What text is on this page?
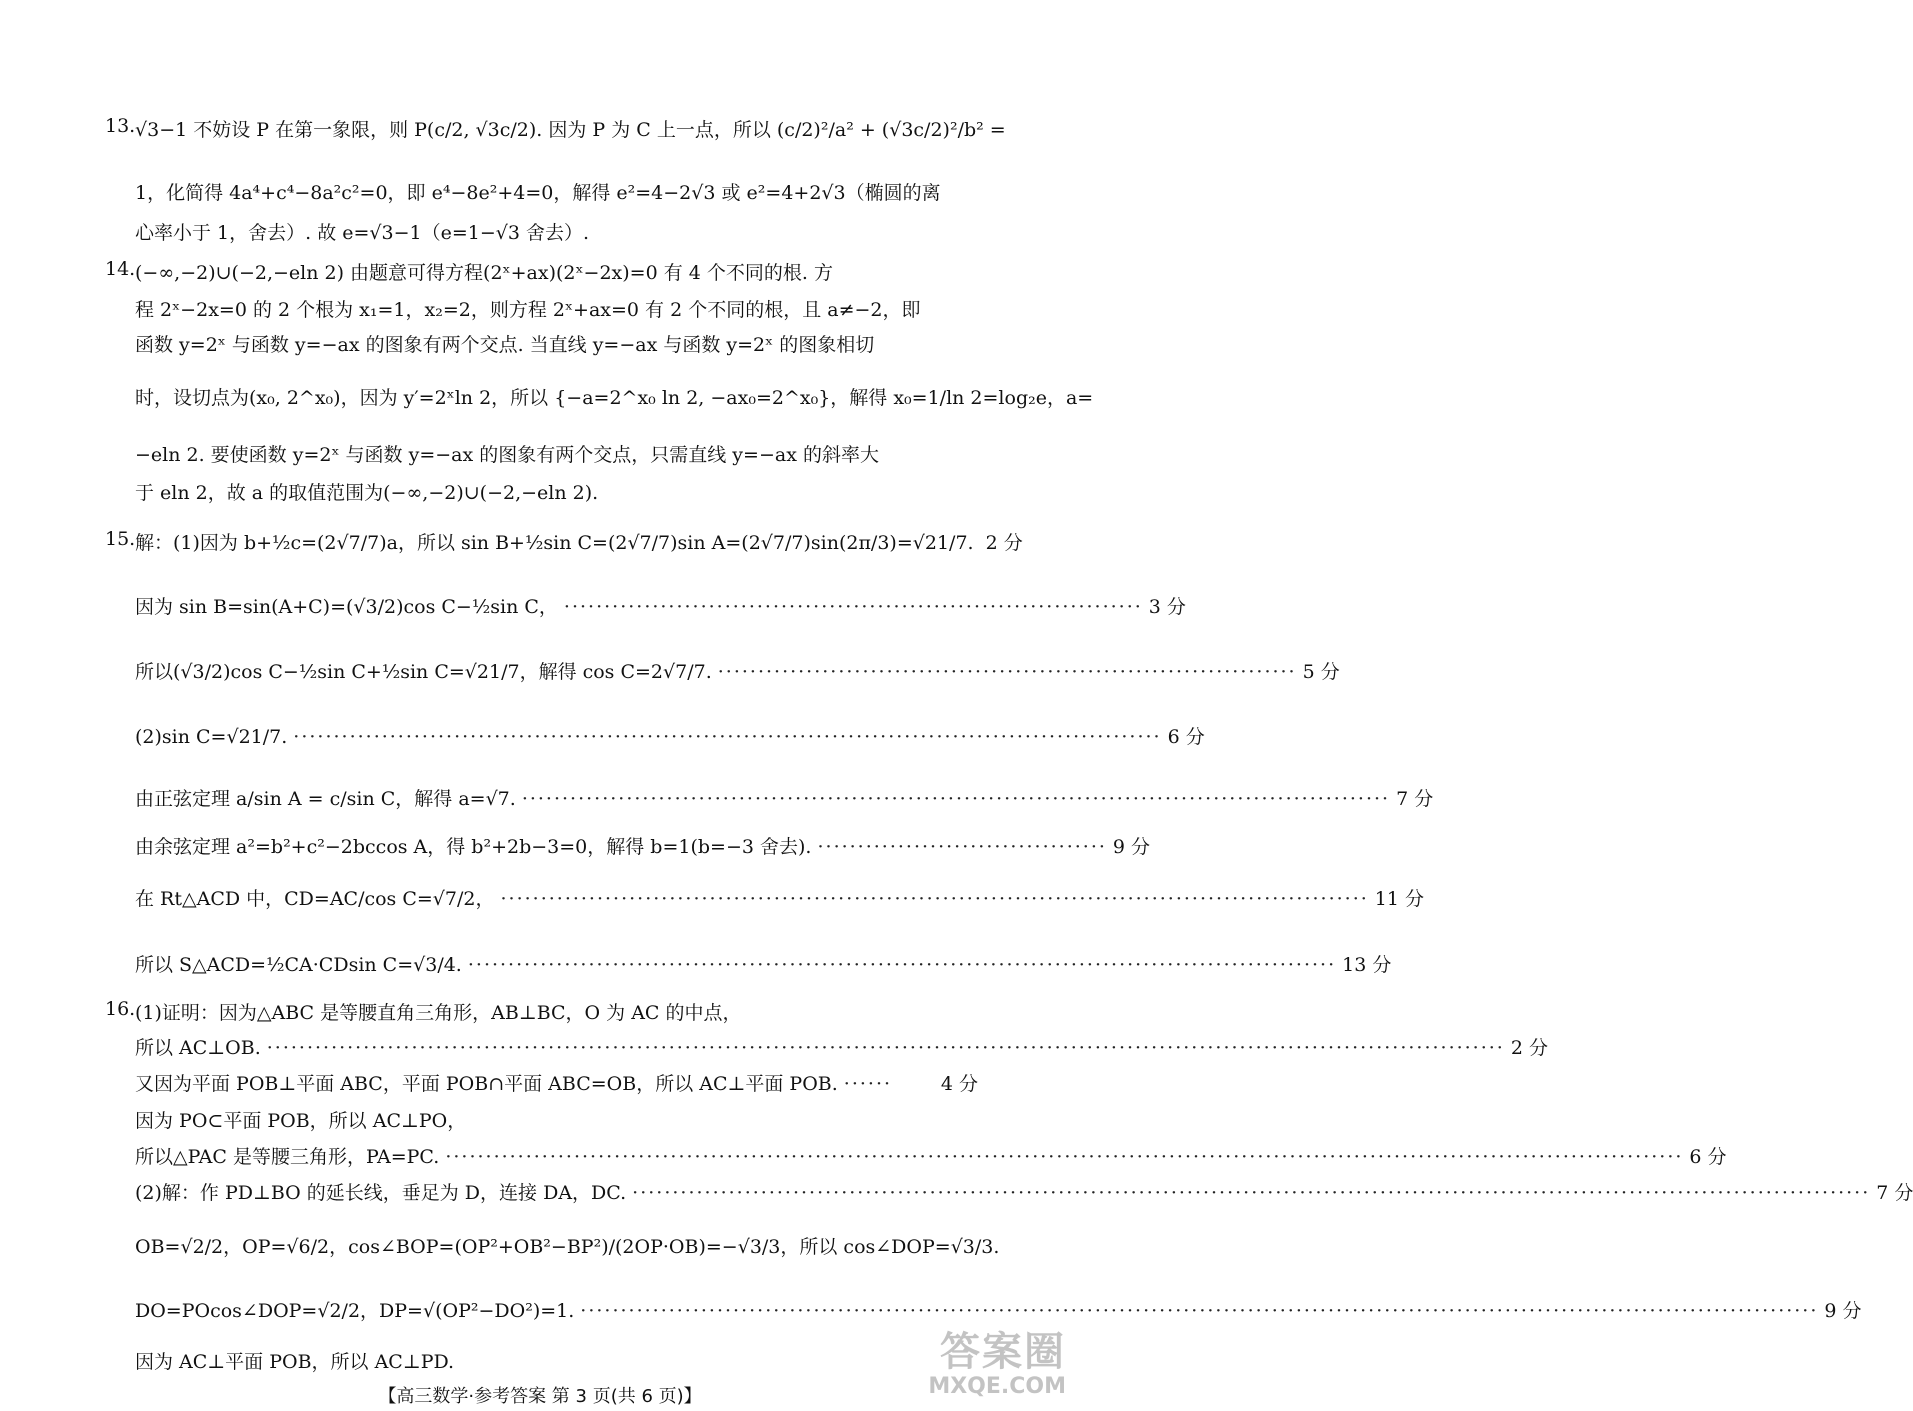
13. √3−1 不妨设 P 在第一象限，则 P(c/2, √3c/2). 因为 P 为 C 上一点，所以 (c/2)²/a² + (√3c/2)²/b² =
1，化简得 4a⁴+c⁴−8a²c²=0，即 e⁴−8e²+4=0，解得 e²=4−2√3 或 e²=4+2√3（椭圆的离
心率小于 1，舍去）. 故 e=√3−1（e=1−√3 舍去）.
14. (−∞,−2)∪(−2,−eln 2) 由题意可得方程(2ˣ+ax)(2ˣ−2x)=0 有 4 个不同的根. 方
程 2ˣ−2x=0 的 2 个根为 x₁=1，x₂=2，则方程 2ˣ+ax=0 有 2 个不同的根，且 a≠−2，即
函数 y=2ˣ 与函数 y=−ax 的图象有两个交点. 当直线 y=−ax 与函数 y=2ˣ 的图象相切
时，设切点为(x₀, 2^x₀)，因为 y′=2ˣln 2，所以 {−a=2^x₀ ln 2, −ax₀=2^x₀}，解得 x₀=1/ln 2=log₂e，a=
−eln 2. 要使函数 y=2ˣ 与函数 y=−ax 的图象有两个交点，只需直线 y=−ax 的斜率大
于 eln 2，故 a 的取值范围为(−∞,−2)∪(−2,−eln 2).
15. 解：(1)因为 b+½c=(2√7/7)a，所以 sin B+½sin C=(2√7/7)sin A=(2√7/7)sin(2π/3)=√21/7. 2 分
因为 sin B=sin(A+C)=(√3/2)cos C−½sin C， ········································································ 3 分
所以(√3/2)cos C−½sin C+½sin C=√21/7，解得 cos C=2√7/7. ········································································ 5 分
(2)sin C=√21/7. ············································································································ 6 分
由正弦定理 a/sin A = c/sin C，解得 a=√7. ············································································································ 7 分
由余弦定理 a²=b²+c²−2bccos A，得 b²+2b−3=0，解得 b=1(b=−3 舍去). ···································· 9 分
在 Rt△ACD 中，CD=AC/cos C=√7/2， ············································································································ 11 分
所以 S△ACD=½CA·CDsin C=√3/4. ············································································································ 13 分
16. (1)证明：因为△ABC 是等腰直角三角形，AB⊥BC，O 为 AC 的中点，
所以 AC⊥OB. ·························································································································································· 2 分
又因为平面 POB⊥平面 ABC，平面 POB∩平面 ABC=OB，所以 AC⊥平面 POB. ······	4 分
因为 PO⊂平面 POB，所以 AC⊥PO，
所以△PAC 是等腰三角形，PA=PC. ·························································································································································· 6 分
(2)解：作 PD⊥BO 的延长线，垂足为 D，连接 DA，DC. ·························································································································································· 7 分
OB=√2/2，OP=√6/2，cos∠BOP=(OP²+OB²−BP²)/(2OP·OB)=−√3/3，所以 cos∠DOP=√3/3.
DO=POcos∠DOP=√2/2，DP=√(OP²−DO²)=1. ·························································································································································· 9 分
因为 AC⊥平面 POB，所以 AC⊥PD.
【高三数学·参考答案 第 3 页(共 6 页)】
答案圈
MXQE.COM
